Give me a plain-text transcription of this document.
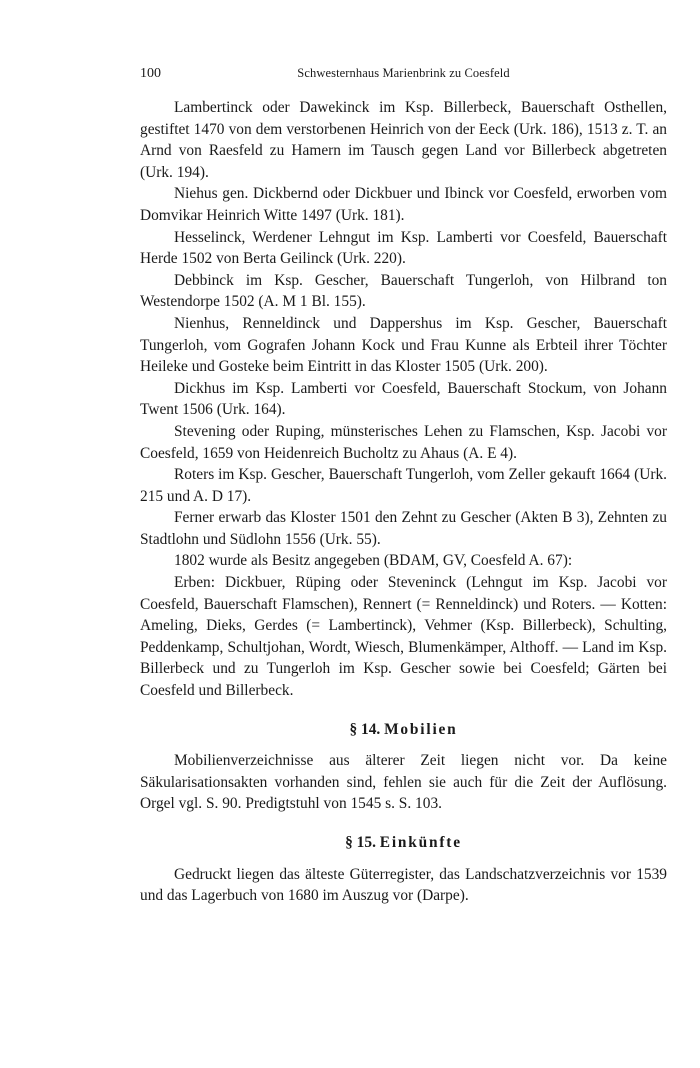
100	Schwesternhaus Marienbrink zu Coesfeld

Lambertinck oder Dawekinck im Ksp. Billerbeck, Bauerschaft Osthellen, gestiftet 1470 von dem verstorbenen Heinrich von der Eeck (Urk. 186), 1513 z. T. an Arnd von Raesfeld zu Hamern im Tausch gegen Land vor Billerbeck abgetreten (Urk. 194).

Niehus gen. Dickbernd oder Dickbuer und Ibinck vor Coesfeld, erworben vom Domvikar Heinrich Witte 1497 (Urk. 181).

Hesselinck, Werdener Lehngut im Ksp. Lamberti vor Coesfeld, Bauerschaft Herde 1502 von Berta Geilinck (Urk. 220).

Debbinck im Ksp. Gescher, Bauerschaft Tungerloh, von Hilbrand ton Westendorpe 1502 (A. M 1 Bl. 155).

Nienhus, Renneldinck und Dappershus im Ksp. Gescher, Bauerschaft Tungerloh, vom Gografen Johann Kock und Frau Kunne als Erbteil ihrer Töchter Heileke und Gosteke beim Eintritt in das Kloster 1505 (Urk. 200).

Dickhus im Ksp. Lamberti vor Coesfeld, Bauerschaft Stockum, von Johann Twent 1506 (Urk. 164).

Stevening oder Ruping, münsterisches Lehen zu Flamschen, Ksp. Jacobi vor Coesfeld, 1659 von Heidenreich Bucholtz zu Ahaus (A. E 4).

Roters im Ksp. Gescher, Bauerschaft Tungerloh, vom Zeller gekauft 1664 (Urk. 215 und A. D 17).

Ferner erwarb das Kloster 1501 den Zehnt zu Gescher (Akten B 3), Zehnten zu Stadtlohn und Südlohn 1556 (Urk. 55).

1802 wurde als Besitz angegeben (BDAM, GV, Coesfeld A. 67):

Erben: Dickbuer, Rüping oder Steveninck (Lehngut im Ksp. Jacobi vor Coesfeld, Bauerschaft Flamschen), Rennert (= Renneldinck) und Roters. — Kotten: Ameling, Dieks, Gerdes (= Lambertinck), Vehmer (Ksp. Billerbeck), Schulting, Peddenkamp, Schultjohan, Wordt, Wiesch, Blumenkämper, Althoff. — Land im Ksp. Billerbeck und zu Tungerloh im Ksp. Gescher sowie bei Coesfeld; Gärten bei Coesfeld und Billerbeck.

§ 14. Mobilien

Mobilienverzeichnisse aus älterer Zeit liegen nicht vor. Da keine Säkularisationsakten vorhanden sind, fehlen sie auch für die Zeit der Auflösung. Orgel vgl. S. 90. Predigtstuhl von 1545 s. S. 103.

§ 15. Einkünfte

Gedruckt liegen das älteste Güterregister, das Landschatzverzeichnis vor 1539 und das Lagerbuch von 1680 im Auszug vor (Darpe).
